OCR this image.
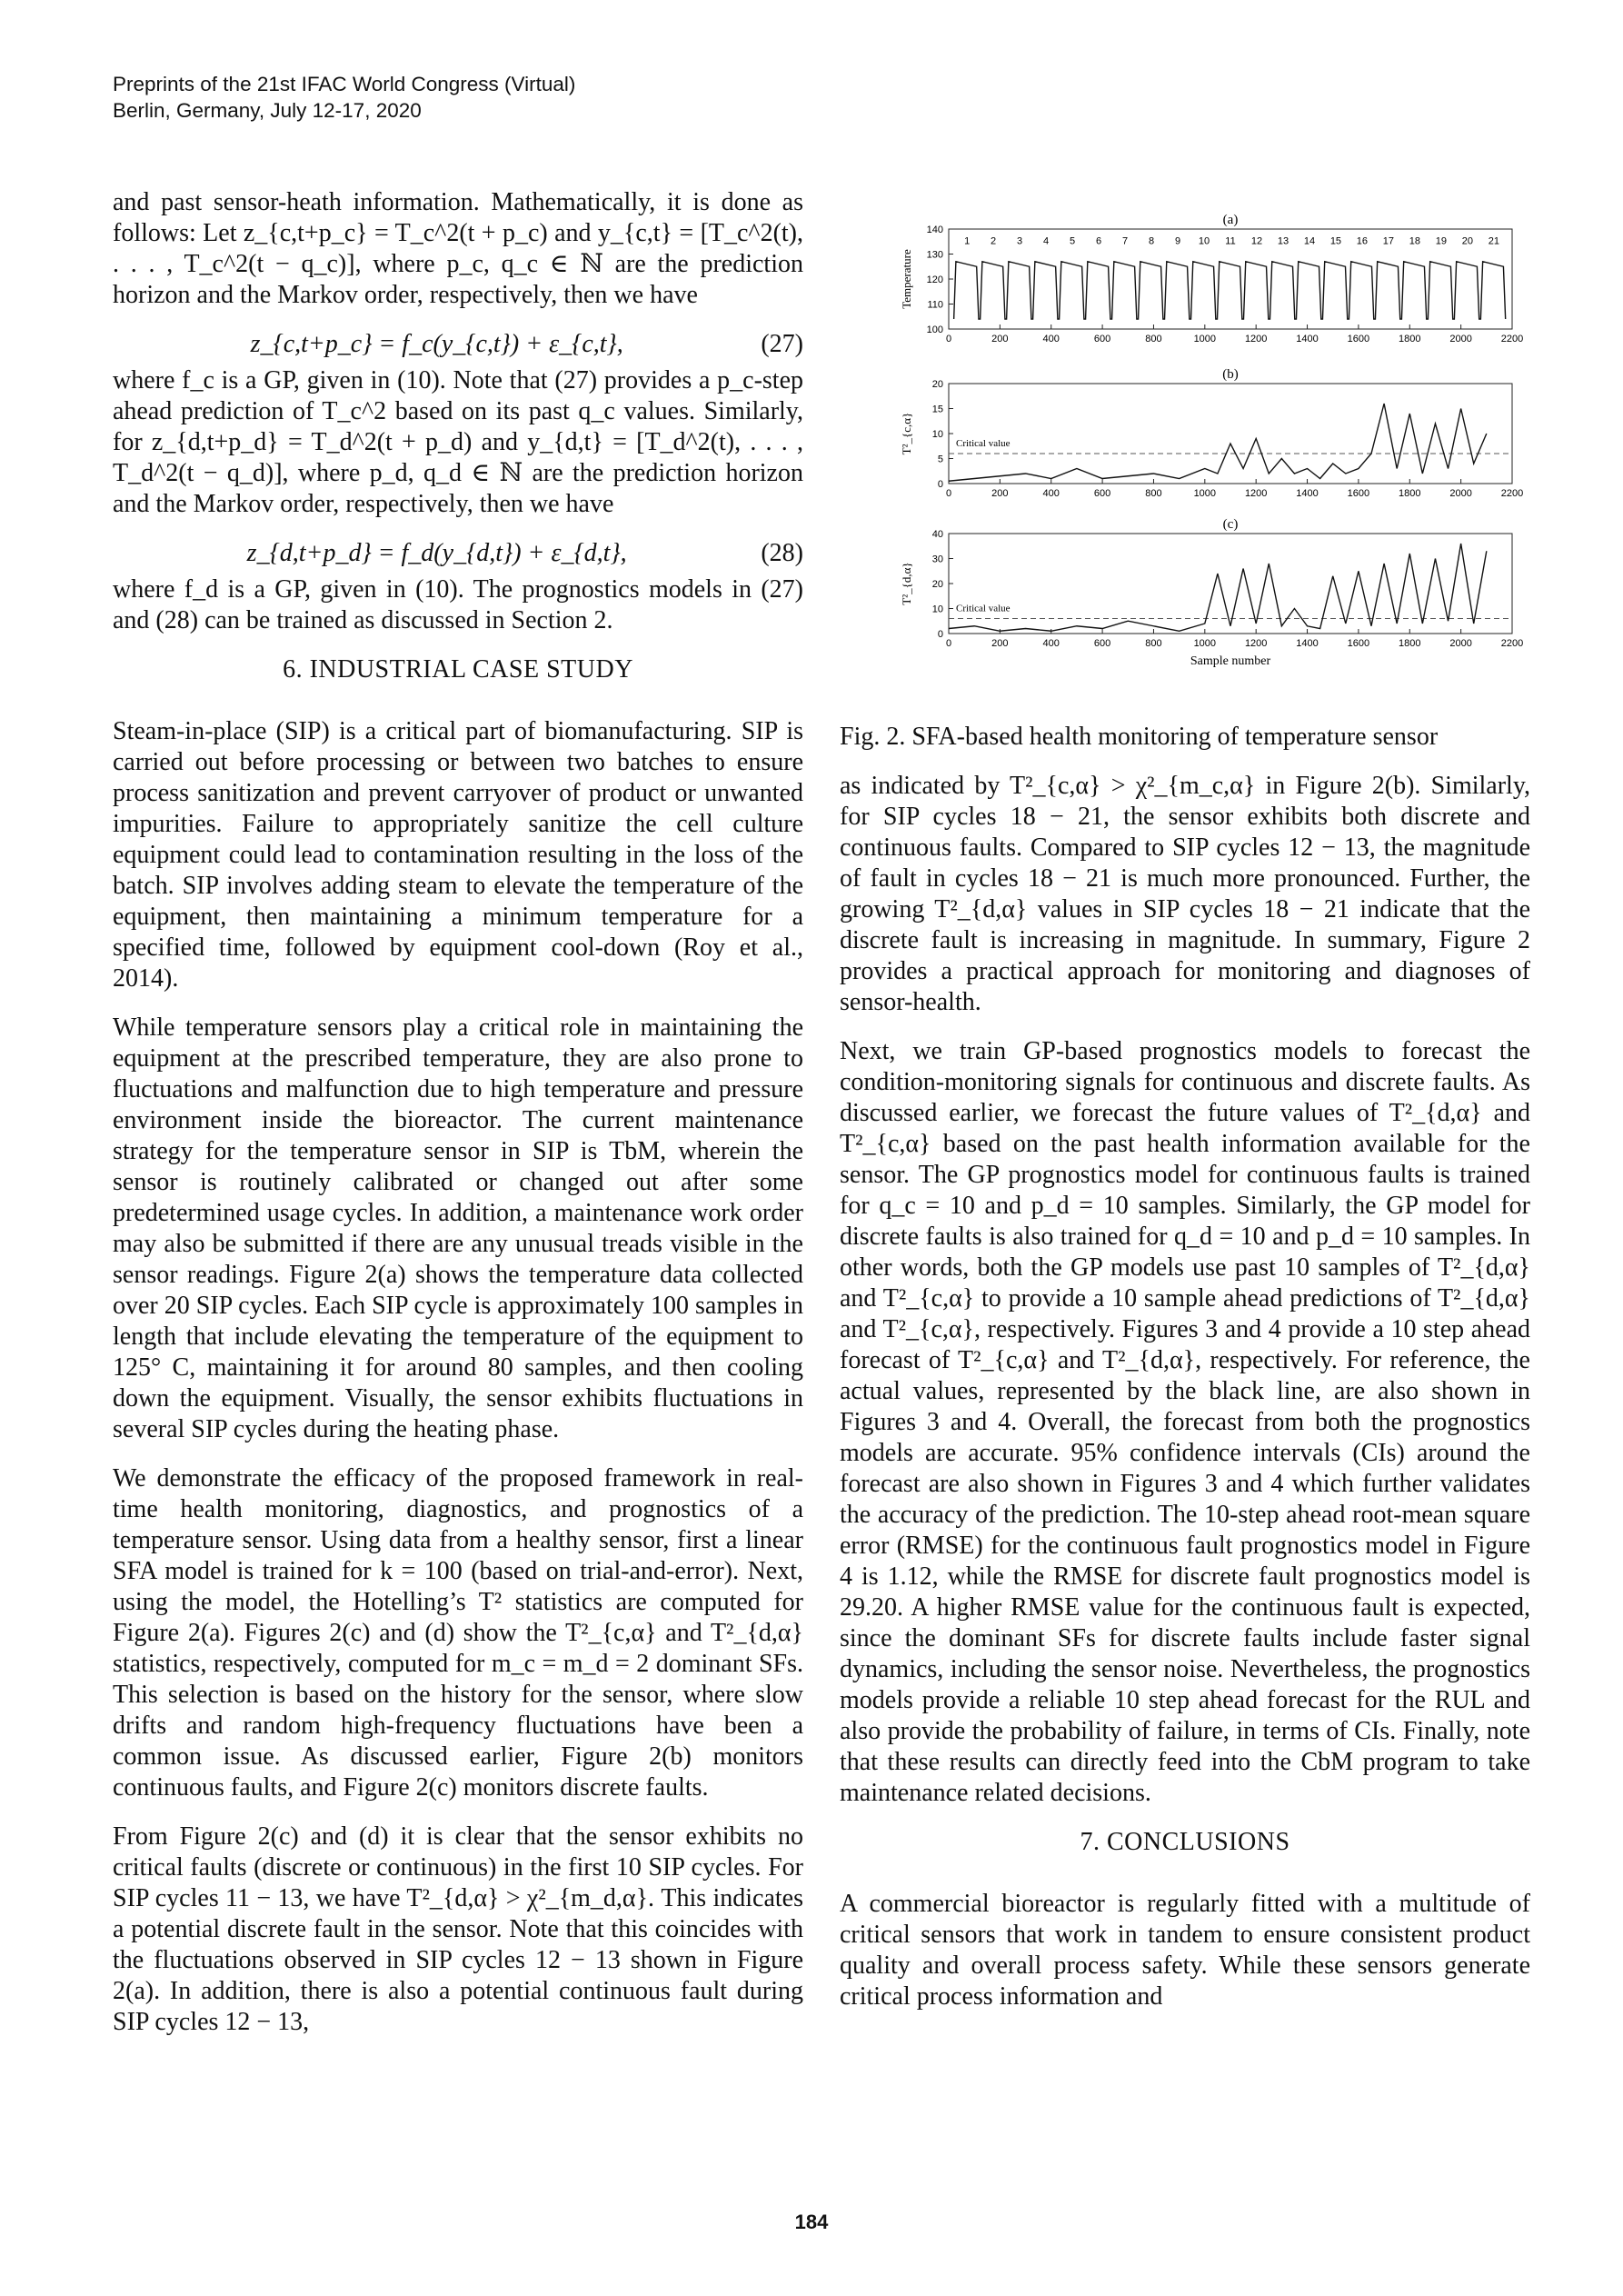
Preprints of the 21st IFAC World Congress (Virtual)
Berlin, Germany, July 12-17, 2020

and past sensor-heath information. Mathematically, it is done as follows: Let z_{c,t+p_c} = T_c^2(t + p_c) and y_{c,t} = [T_c^2(t), . . . , T_c^2(t − q_c)], where p_c, q_c ∈ ℕ are the prediction horizon and the Markov order, respectively, then we have

z_{c,t+p_c} = f_c(y_{c,t}) + ε_{c,t},	(27)

where f_c is a GP, given in (10). Note that (27) provides a p_c-step ahead prediction of T_c^2 based on its past q_c values. Similarly, for z_{d,t+p_d} = T_d^2(t + p_d) and y_{d,t} = [T_d^2(t), . . . , T_d^2(t − q_d)], where p_d, q_d ∈ ℕ are the prediction horizon and the Markov order, respectively, then we have

z_{d,t+p_d} = f_d(y_{d,t}) + ε_{d,t},	(28)

where f_d is a GP, given in (10). The prognostics models in (27) and (28) can be trained as discussed in Section 2.

6. INDUSTRIAL CASE STUDY

Steam-in-place (SIP) is a critical part of biomanufacturing. SIP is carried out before processing or between two batches to ensure process sanitization and prevent carryover of product or unwanted impurities. Failure to appropriately sanitize the cell culture equipment could lead to contamination resulting in the loss of the batch. SIP involves adding steam to elevate the temperature of the equipment, then maintaining a minimum temperature for a specified time, followed by equipment cool-down (Roy et al., 2014).

While temperature sensors play a critical role in maintaining the equipment at the prescribed temperature, they are also prone to fluctuations and malfunction due to high temperature and pressure environment inside the bioreactor. The current maintenance strategy for the temperature sensor in SIP is TbM, wherein the sensor is routinely calibrated or changed out after some predetermined usage cycles. In addition, a maintenance work order may also be submitted if there are any unusual treads visible in the sensor readings. Figure 2(a) shows the temperature data collected over 20 SIP cycles. Each SIP cycle is approximately 100 samples in length that include elevating the temperature of the equipment to 125° C, maintaining it for around 80 samples, and then cooling down the equipment. Visually, the sensor exhibits fluctuations in several SIP cycles during the heating phase.

We demonstrate the efficacy of the proposed framework in real-time health monitoring, diagnostics, and prognostics of a temperature sensor. Using data from a healthy sensor, first a linear SFA model is trained for k = 100 (based on trial-and-error). Next, using the model, the Hotelling’s T² statistics are computed for Figure 2(a). Figures 2(c) and (d) show the T²_{c,α} and T²_{d,α} statistics, respectively, computed for m_c = m_d = 2 dominant SFs. This selection is based on the history for the sensor, where slow drifts and random high-frequency fluctuations have been a common issue. As discussed earlier, Figure 2(b) monitors continuous faults, and Figure 2(c) monitors discrete faults.

From Figure 2(c) and (d) it is clear that the sensor exhibits no critical faults (discrete or continuous) in the first 10 SIP cycles. For SIP cycles 11 − 13, we have T²_{d,α} > χ²_{m_d,α}. This indicates a potential discrete fault in the sensor. Note that this coincides with the fluctuations observed in SIP cycles 12 − 13 shown in Figure 2(a). In addition, there is also a potential continuous fault during SIP cycles 12 − 13,

(a)
100
110
120
130
140
0	200	400	600	800	1000	1200	1400	1600	1800	2000	2200
Temperature
1 2 3 4 5 6 7 8 9 10 11 12 13 14 15 16 17 18 19 20 21
(b)
0
5
10
15
20
0	200	400	600	800	1000	1200	1400	1600	1800	2000	2200
T²_{c,α}	Critical value
(c)
0
10
20
30
40
0	200	400	600	800	1000	1200	1400	1600	1800	2000	2200
T²_{d,α}
Sample number
Critical value
Fig. 2. SFA-based health monitoring of temperature sensor

as indicated by T²_{c,α} > χ²_{m_c,α} in Figure 2(b). Similarly, for SIP cycles 18 − 21, the sensor exhibits both discrete and continuous faults. Compared to SIP cycles 12 − 13, the magnitude of fault in cycles 18 − 21 is much more pronounced. Further, the growing T²_{d,α} values in SIP cycles 18 − 21 indicate that the discrete fault is increasing in magnitude. In summary, Figure 2 provides a practical approach for monitoring and diagnoses of sensor-health.

Next, we train GP-based prognostics models to forecast the condition-monitoring signals for continuous and discrete faults. As discussed earlier, we forecast the future values of T²_{d,α} and T²_{c,α} based on the past health information available for the sensor. The GP prognostics model for continuous faults is trained for q_c = 10 and p_d = 10 samples. Similarly, the GP model for discrete faults is also trained for q_d = 10 and p_d = 10 samples. In other words, both the GP models use past 10 samples of T²_{d,α} and T²_{c,α} to provide a 10 sample ahead predictions of T²_{d,α} and T²_{c,α}, respectively. Figures 3 and 4 provide a 10 step ahead forecast of T²_{c,α} and T²_{d,α}, respectively. For reference, the actual values, represented by the black line, are also shown in Figures 3 and 4. Overall, the forecast from both the prognostics models are accurate. 95% confidence intervals (CIs) around the forecast are also shown in Figures 3 and 4 which further validates the accuracy of the prediction. The 10-step ahead root-mean square error (RMSE) for the continuous fault prognostics model in Figure 4 is 1.12, while the RMSE for discrete fault prognostics model is 29.20. A higher RMSE value for the continuous fault is expected, since the dominant SFs for discrete faults include faster signal dynamics, including the sensor noise. Nevertheless, the prognostics models provide a reliable 10 step ahead forecast for the RUL and also provide the probability of failure, in terms of CIs. Finally, note that these results can directly feed into the CbM program to take maintenance related decisions.

7. CONCLUSIONS

A commercial bioreactor is regularly fitted with a multitude of critical sensors that work in tandem to ensure consistent product quality and overall process safety. While these sensors generate critical process information and

184
